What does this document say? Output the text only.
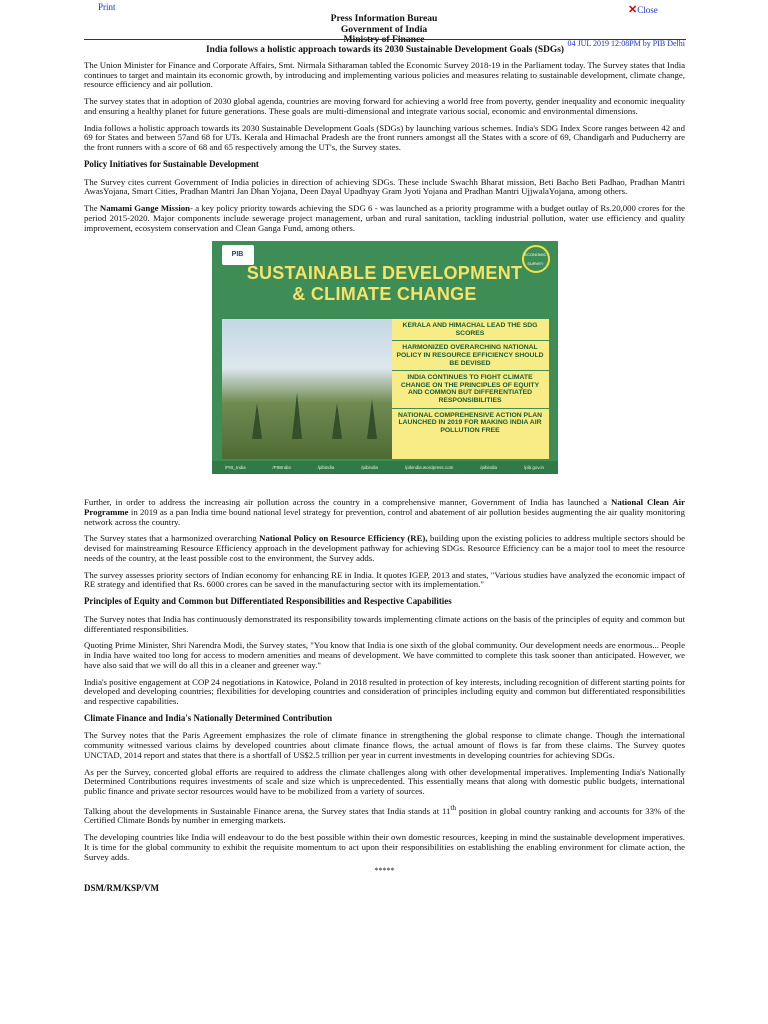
Print	✕Close
Press Information Bureau
Government of India
Ministry of Finance	04 JUL 2019 12:08PM by PIB Delhi
India follows a holistic approach towards its 2030 Sustainable Development Goals (SDGs)

The Union Minister for Finance and Corporate Affairs, Smt. Nirmala Sitharaman tabled the Economic Survey 2018-19 in the Parliament today. The Survey states that India continues to target and maintain its economic growth, by introducing and implementing various policies and measures relating to sustainable development, climate change, resource efficiency and air pollution.

The survey states that in adoption of 2030 global agenda, countries are moving forward for achieving a world free from poverty, gender inequality and economic inequality and ensuring a healthy planet for future generations. These goals are multi-dimensional and integrate various social, economic and environmental dimensions.

India follows a holistic approach towards its 2030 Sustainable Development Goals (SDGs) by launching various schemes. India's SDG Index Score ranges between 42 and 69 for States and between 57and 68 for UTs. Kerala and Himachal Pradesh are the front runners amongst all the States with a score of 69, Chandigarh and Puducherry are the front runners with a score of 68 and 65 respectively among the UT's, the Survey states.

Policy Initiatives for Sustainable Development

The Survey cites current Government of India policies in direction of achieving SDGs. These include Swachh Bharat mission, Beti Bacho Beti Padhao, Pradhan Mantri AwasYojana, Smart Cities, Pradhan Mantri Jan Dhan Yojana, Deen Dayal Upadhyay Gram Jyoti Yojana and Pradhan Mantri UjjwalaYojana, among others.

The Namami Gange Mission- a key policy priority towards achieving the SDG 6 - was launched as a priority programme with a budget outlay of Rs.20,000 crores for the period 2015-2020. Major components include sewerage project management, urban and rural sanitation, tackling industrial pollution, water use efficiency and quality improvement, ecosystem conservation and Clean Ganga Fund, among others.

PIB	ECONOMIC SURVEY
SUSTAINABLE DEVELOPMENT
& CLIMATE CHANGE
KERALA AND HIMACHAL LEAD THE SDG SCORES
HARMONIZED OVERARCHING NATIONAL POLICY IN RESOURCE EFFICIENCY SHOULD BE DEVISED
INDIA CONTINUES TO FIGHT CLIMATE CHANGE ON THE PRINCIPLES OF EQUITY AND COMMON BUT DIFFERENTIATED RESPONSIBILITIES
NATIONAL COMPREHENSIVE ACTION PLAN LAUNCHED IN 2019 FOR MAKING INDIA AIR POLLUTION FREE
/PIB_India	/PIBIndia	/pibindia	/pibindia	/pibindia.wordpress.com	/pibindia	/pib.gov.in

Further, in order to address the increasing air pollution across the country in a comprehensive manner, Government of India has launched a National Clean Air Programme in 2019 as a pan India time bound national level strategy for prevention, control and abatement of air pollution besides augmenting the air quality monitoring network across the country.

The Survey states that a harmonized overarching National Policy on Resource Efficiency (RE), building upon the existing policies to address multiple sectors should be devised for mainstreaming Resource Efficiency approach in the development pathway for achieving SDGs. Resource Efficiency can be a major tool to meet the resource needs of the country, at the least possible cost to the environment, the Survey adds.

The survey assesses priority sectors of Indian economy for enhancing RE in India. It quotes IGEP, 2013 and states, "Various studies have analyzed the economic impact of RE strategy and identified that Rs. 6000 crores can be saved in the manufacturing sector with its implementation."

Principles of Equity and Common but Differentiated Responsibilities and Respective Capabilities

The Survey notes that India has continuously demonstrated its responsibility towards implementing climate actions on the basis of the principles of equity and common but differentiated responsibilities.

Quoting Prime Minister, Shri Narendra Modi, the Survey states, "You know that India is one sixth of the global community. Our development needs are enormous... People in India have waited too long for access to modern amenities and means of development. We have committed to complete this task sooner than anticipated. However, we have also said that we will do all this in a cleaner and greener way."

India's positive engagement at COP 24 negotiations in Katowice, Poland in 2018 resulted in protection of key interests, including recognition of different starting points for developed and developing countries; flexibilities for developing countries and consideration of principles including equity and common but differentiated responsibilities and respective capabilities.

Climate Finance and India's Nationally Determined Contribution

The Survey notes that the Paris Agreement emphasizes the role of climate finance in strengthening the global response to climate change. Though the international community witnessed various claims by developed countries about climate finance flows, the actual amount of flows is far from these claims. The Survey quotes UNCTAD, 2014 report and states that there is a shortfall of US$2.5 trillion per year in current investments in developing countries for achieving SDGs.

As per the Survey, concerted global efforts are required to address the climate challenges along with other developmental imperatives. Implementing India's Nationally Determined Contributions requires investments of scale and size which is unprecedented. This essentially means that along with domestic public budgets, international public finance and private sector resources would have to be mobilized from a variety of sources.

Talking about the developments in Sustainable Finance arena, the Survey states that India stands at 11th position in global country ranking and accounts for 33% of the Certified Climate Bonds by number in emerging markets.

The developing countries like India will endeavour to do the best possible within their own domestic resources, keeping in mind the sustainable development imperatives. It is time for the global community to exhibit the requisite momentum to act upon their responsibilities on establishing the enabling environment for climate action, the Survey adds.

*****
DSM/RM/KSP/VM
